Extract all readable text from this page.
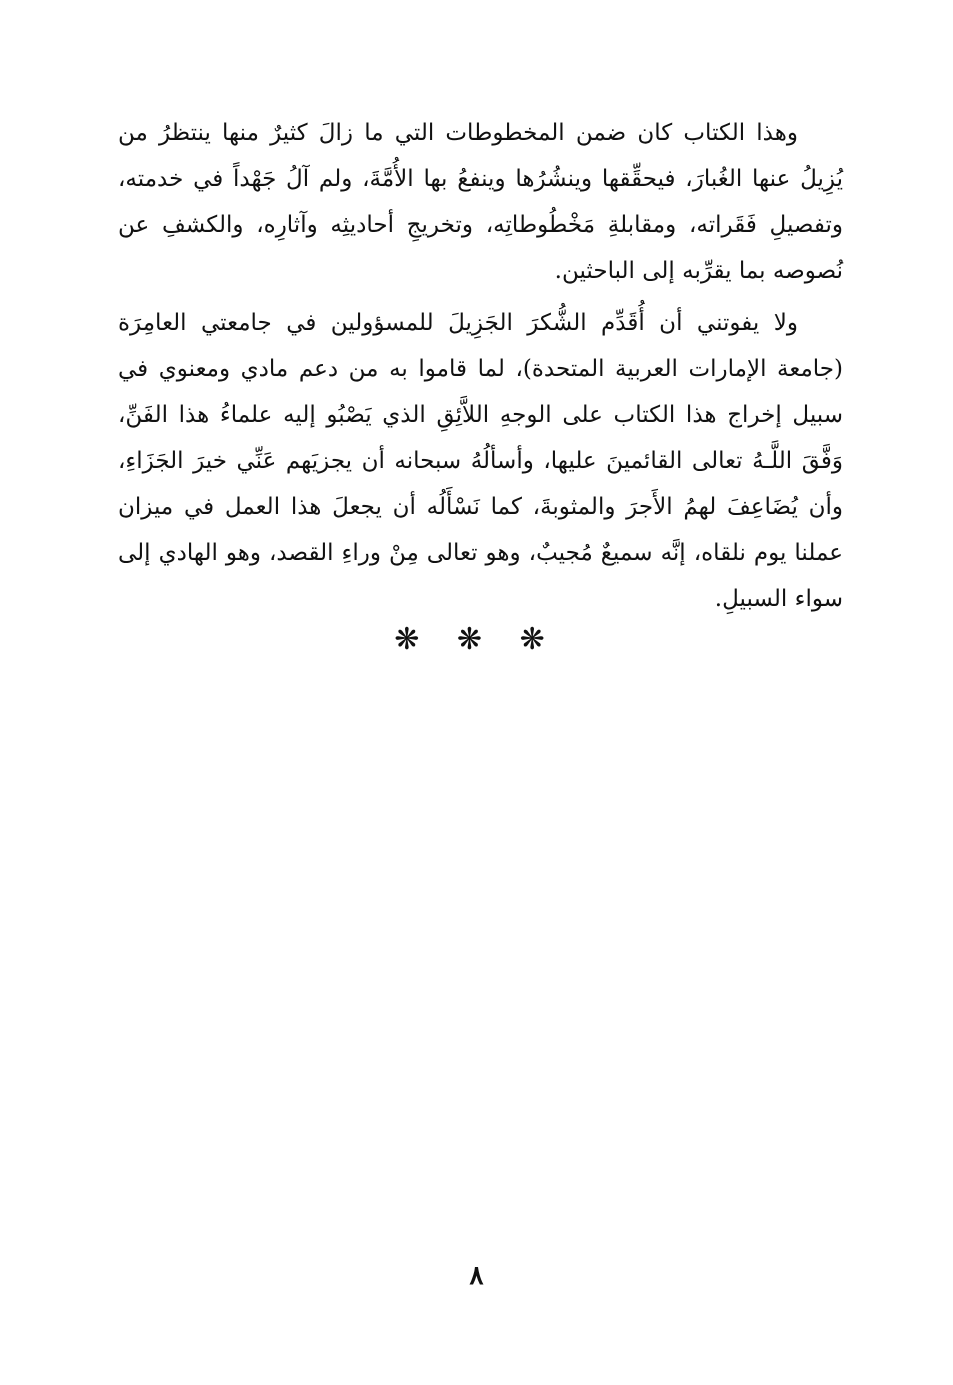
وهذا الكتاب كان ضمن المخطوطات التي ما زالَ كثيرٌ منها ينتظرُ من يُزِيلُ عنها الغُبارَ، فيحقِّقها وينشُرُها وينفعُ بها الأُمَّةَ، ولم آلُ جَهْداً في خدمته، وتفصيلِ فَقَراته، ومقابلةِ مَخْطُوطاتِه، وتخريجِ أحاديثِه وآثارِه، والكشفِ عن نُصوصه بما يقرِّبه إلى الباحثين.

ولا يفوتني أن أُقَدِّم الشُّكرَ الجَزِيلَ للمسؤولين في جامعتي العامِرَة (جامعة الإمارات العربية المتحدة)، لما قاموا به من دعم مادي ومعنوي في سبيل إخراج هذا الكتاب على الوجهِ اللاَّئِقِ الذي يَصْبُو إليه علماءُ هذا الفَنِّ، وَفَّقَ اللَّـهُ تعالى القائمينَ عليها، وأسألُهُ سبحانه أن يجزيَهم عَنِّي خيرَ الجَزَاءِ، وأن يُضَاعِفَ لهمُ الأَجرَ والمثوبةَ، كما نَسْأَلُه أن يجعلَ هذا العمل في ميزان عملنا يوم نلقاه، إنَّه سميعٌ مُجيبٌ، وهو تعالى مِنْ وراءِ القصد، وهو الهادي إلى سواء السبيلِ.

❋ ❋ ❋
٨
